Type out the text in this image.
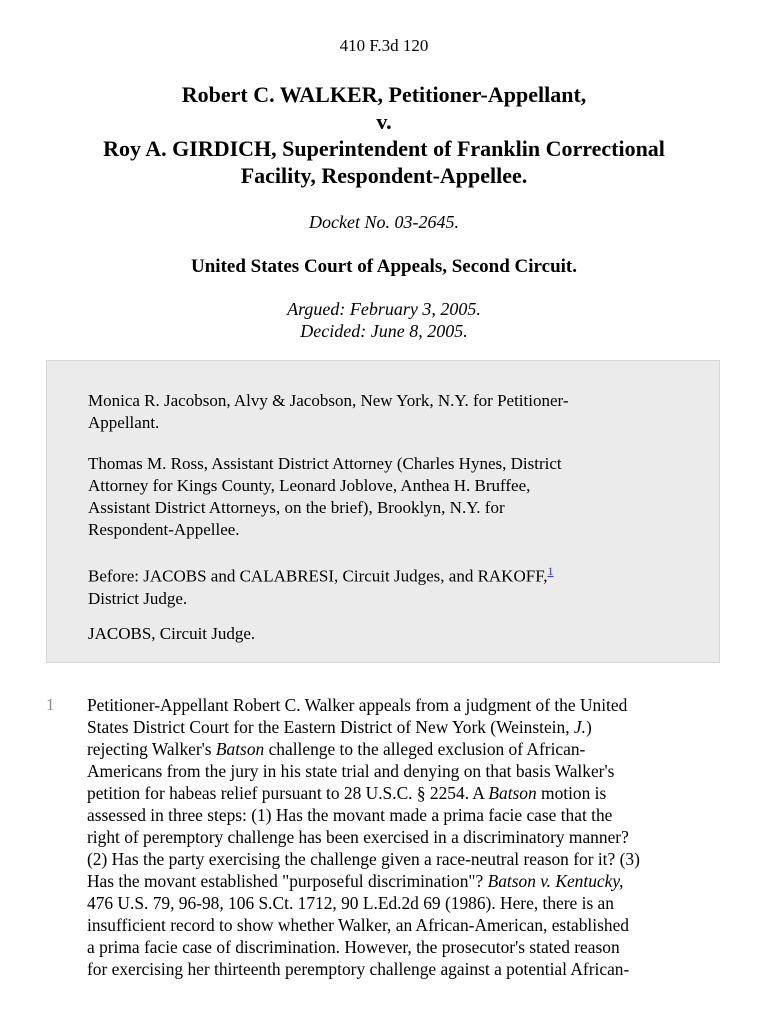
410 F.3d 120
Robert C. WALKER, Petitioner-Appellant,
v.
Roy A. GIRDICH, Superintendent of Franklin Correctional
Facility, Respondent-Appellee.
Docket No. 03-2645.
United States Court of Appeals, Second Circuit.
Argued: February 3, 2005.
Decided: June 8, 2005.

Monica R. Jacobson, Alvy & Jacobson, New York, N.Y. for Petitioner-
Appellant.

Thomas M. Ross, Assistant District Attorney (Charles Hynes, District
Attorney for Kings County, Leonard Joblove, Anthea H. Bruffee,
Assistant District Attorneys, on the brief), Brooklyn, N.Y. for
Respondent-Appellee.

Before: JACOBS and CALABRESI, Circuit Judges, and RAKOFF,$^1$
District Judge.

JACOBS, Circuit Judge.

1 Petitioner-Appellant Robert C. Walker appeals from a judgment of the United
States District Court for the Eastern District of New York (Weinstein, J.)
rejecting Walker's Batson challenge to the alleged exclusion of African-
Americans from the jury in his state trial and denying on that basis Walker's
petition for habeas relief pursuant to 28 U.S.C. § 2254. A Batson motion is
assessed in three steps: (1) Has the movant made a prima facie case that the
right of peremptory challenge has been exercised in a discriminatory manner?
(2) Has the party exercising the challenge given a race-neutral reason for it? (3)
Has the movant established "purposeful discrimination"? Batson v. Kentucky,
476 U.S. 79, 96-98, 106 S.Ct. 1712, 90 L.Ed.2d 69 (1986). Here, there is an
insufficient record to show whether Walker, an African-American, established
a prima facie case of discrimination. However, the prosecutor's stated reason
for exercising her thirteenth peremptory challenge against a potential African-
